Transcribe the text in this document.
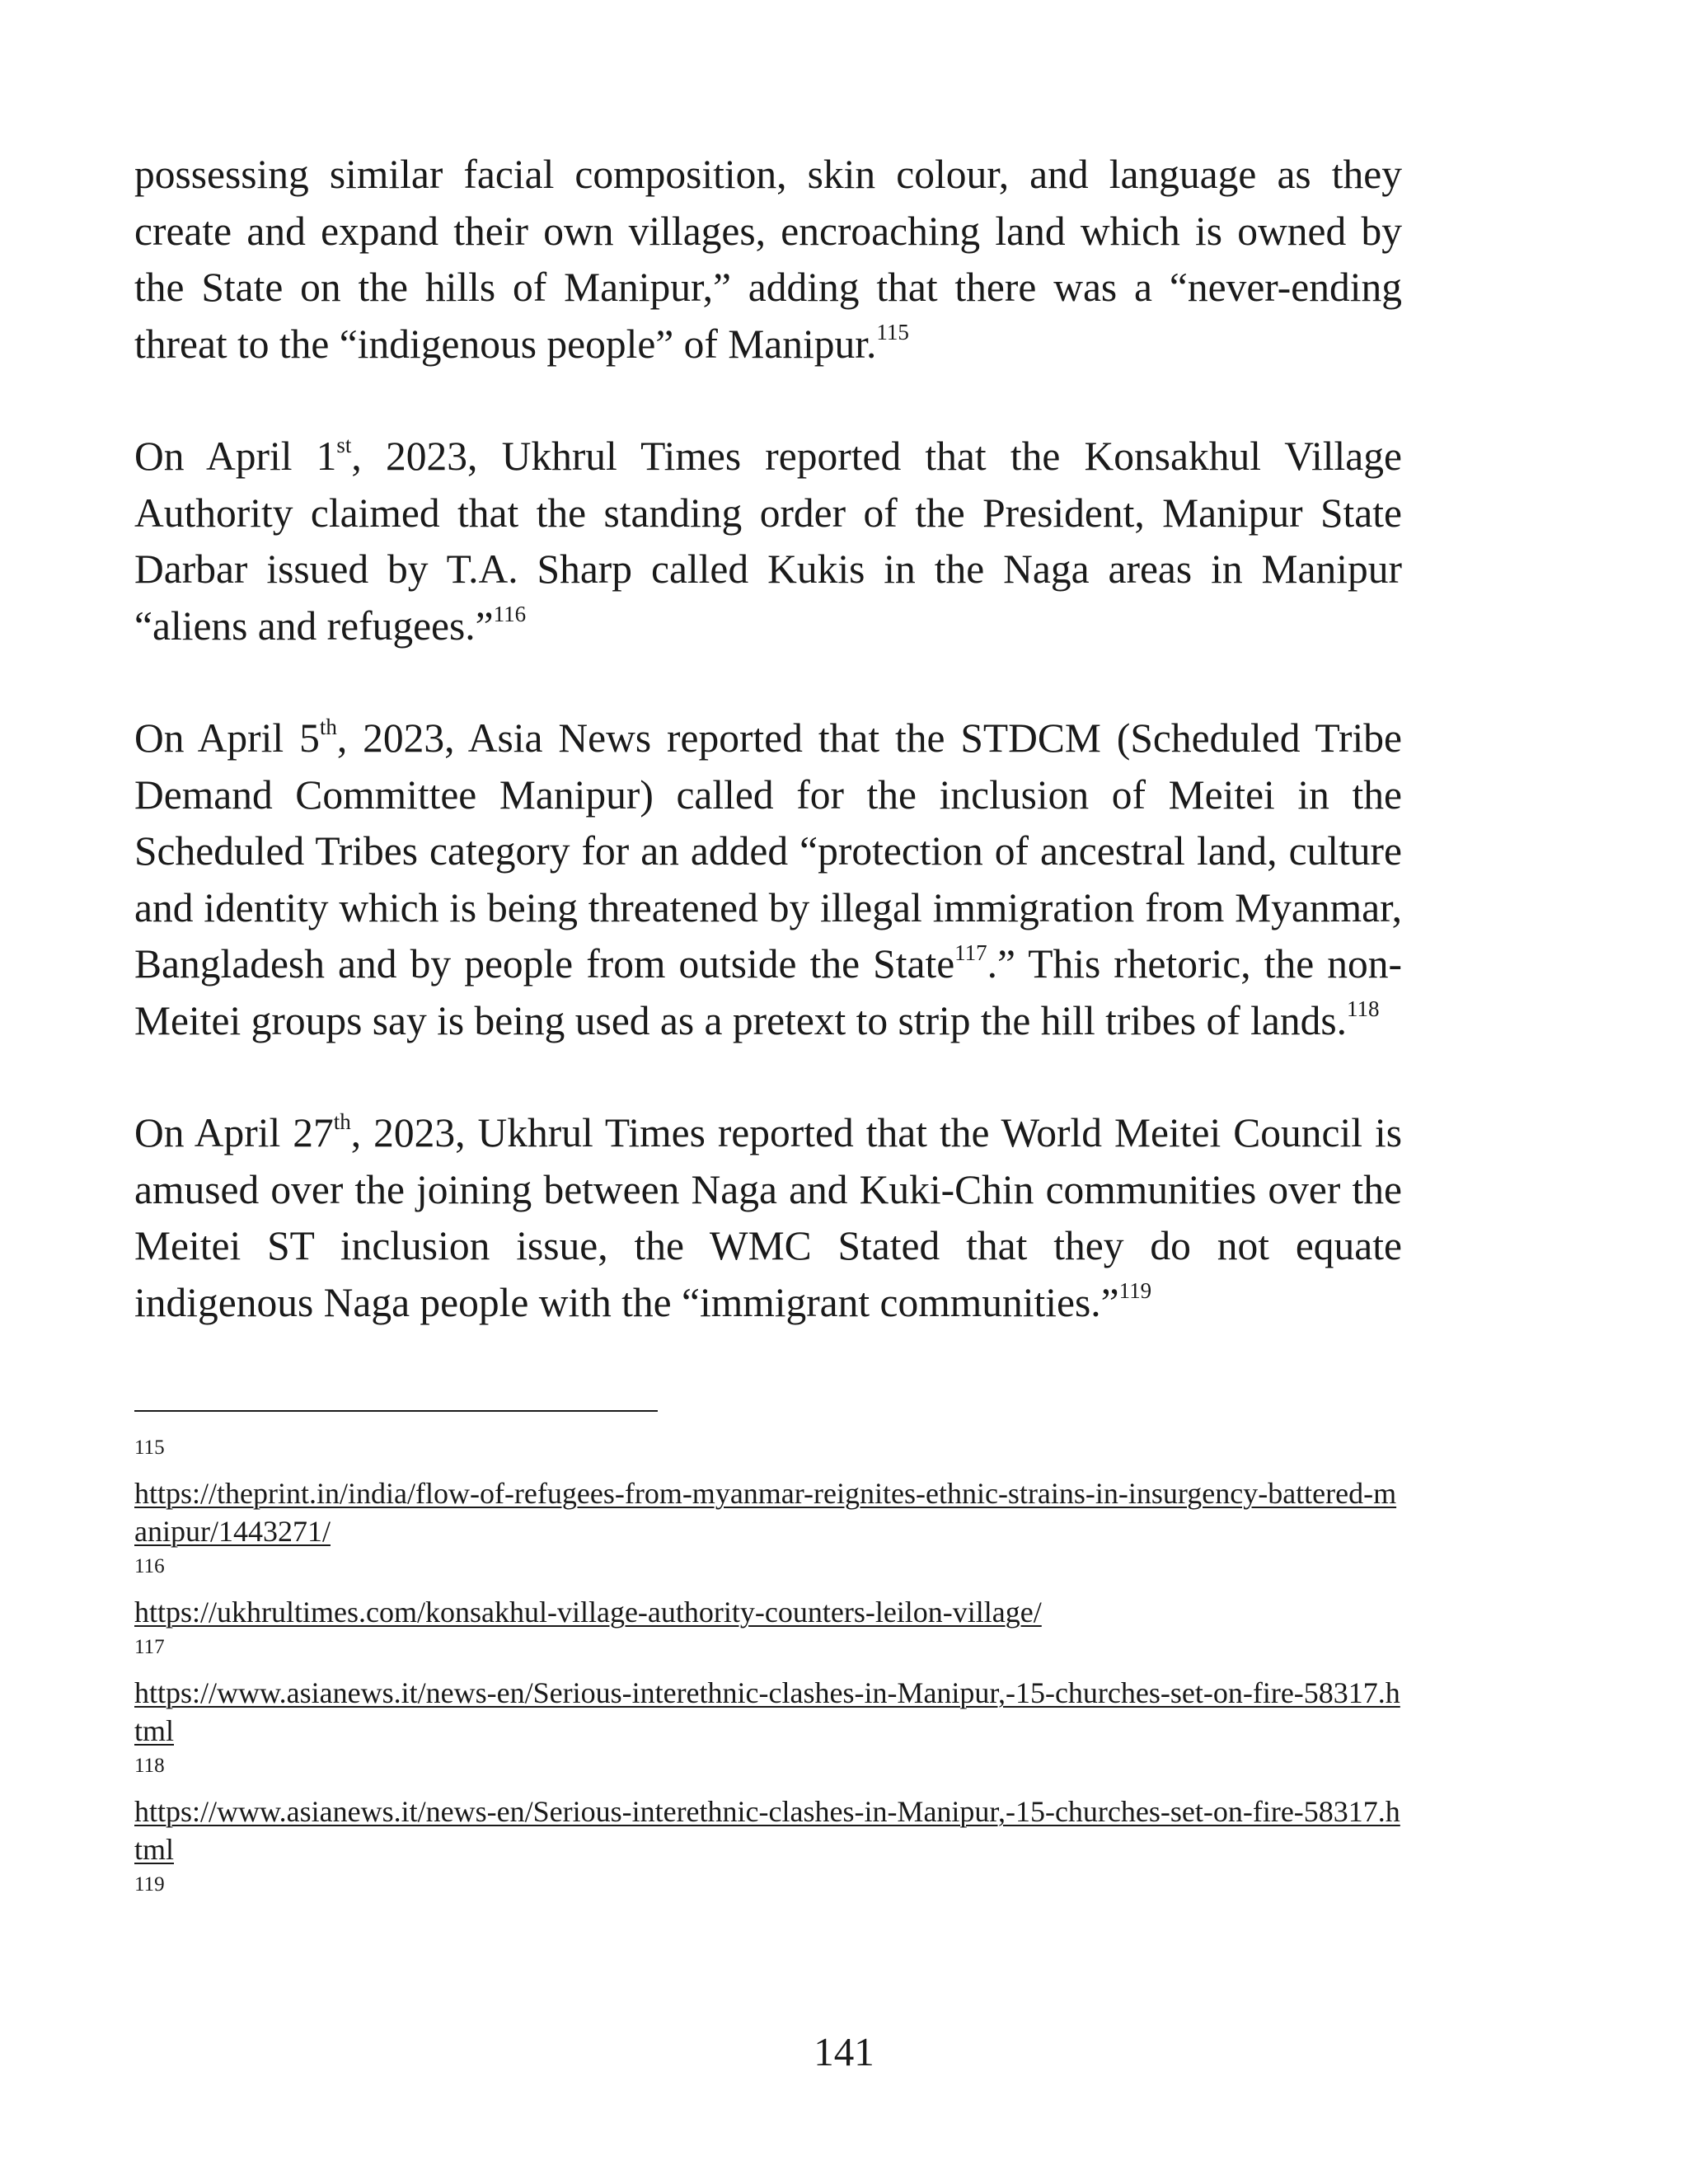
possessing similar facial composition, skin colour, and language as they create and expand their own villages, encroaching land which is owned by the State on the hills of Manipur,” adding that there was a “never-ending threat to the “indigenous people” of Manipur.$^{115}$

On April 1st, 2023, Ukhrul Times reported that the Konsakhul Village Authority claimed that the standing order of the President, Manipur State Darbar issued by T.A. Sharp called Kukis in the Naga areas in Manipur “aliens and refugees.”$^{116}$

On April 5th, 2023, Asia News reported that the STDCM (Scheduled Tribe Demand Committee Manipur) called for the inclusion of Meitei in the Scheduled Tribes category for an added “protection of ancestral land, culture and identity which is being threatened by illegal immigration from Myanmar, Bangladesh and by people from outside the State$^{117}$.” This rhetoric, the non-Meitei groups say is being used as a pretext to strip the hill tribes of lands.$^{118}$

On April 27th, 2023, Ukhrul Times reported that the World Meitei Council is amused over the joining between Naga and Kuki-Chin communities over the Meitei ST inclusion issue, the WMC Stated that they do not equate indigenous Naga people with the “immigrant communities.”$^{119}$

115
https://theprint.in/india/flow-of-refugees-from-myanmar-reignites-ethnic-strains-in-insurgency-battered-manipur/1443271/
116
https://ukhrultimes.com/konsakhul-village-authority-counters-leilon-village/
117
https://www.asianews.it/news-en/Serious-interethnic-clashes-in-Manipur,-15-churches-set-on-fire-58317.html
118
https://www.asianews.it/news-en/Serious-interethnic-clashes-in-Manipur,-15-churches-set-on-fire-58317.html
119
141
